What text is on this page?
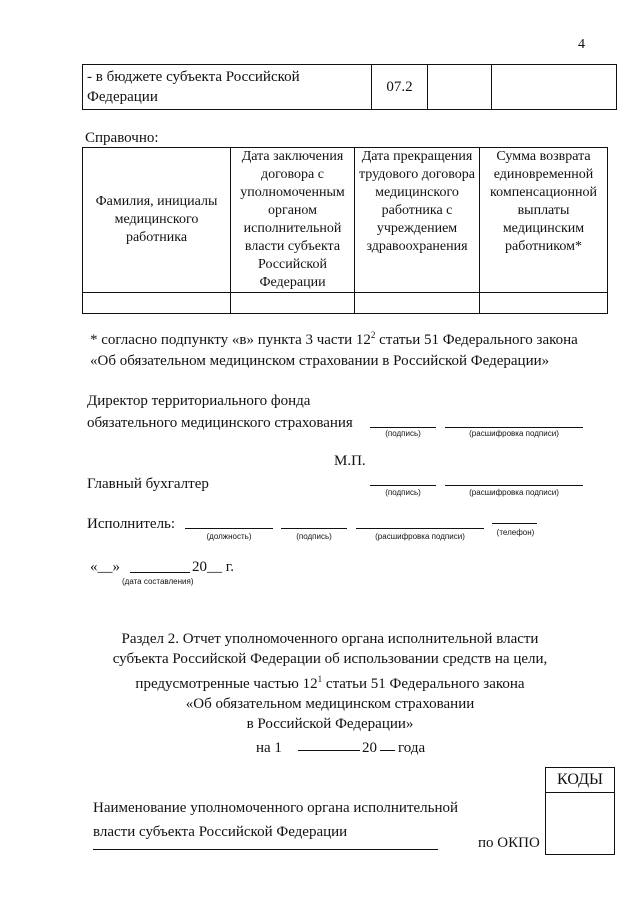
4
- в бюджете субъекта Российской Федерации	07.2		
Справочно:
Фамилия, инициалы медицинского работника	Дата заключения договора с уполномоченным органом исполнительной власти субъекта Российской Федерации	Дата прекращения трудового договора медицинского работника с учреждением здравоохранения	Сумма возврата единовременной компенсационной выплаты медицинским работником*

* согласно подпункту «в» пункта 3 части $12^2$ статьи 51 Федерального закона
«Об обязательном медицинском страховании в Российской Федерации»
Директор территориального фонда
обязательного медицинского страхования
(подпись)	(расшифровка подписи)
М.П.
Главный бухгалтер
(подпись)	(расшифровка подписи)
Исполнитель:
(должность)	(подпись)	(расшифровка подписи)	(телефон)
«__»	20__ г.
(дата составления)
Раздел 2. Отчет уполномоченного органа исполнительной власти
субъекта Российской Федерации об использовании средств на цели,
предусмотренные частью $12^1$ статьи 51 Федерального закона
«Об обязательном медицинском страховании
в Российской Федерации»
на 1	20 года
КОДЫ
Наименование уполномоченного органа исполнительной
власти субъекта Российской Федерации
по ОКПО
